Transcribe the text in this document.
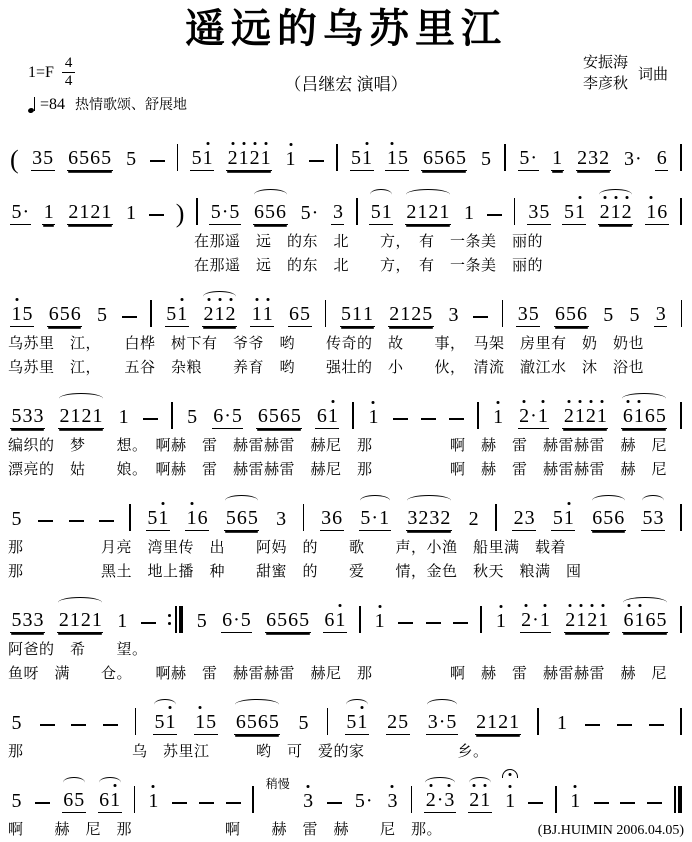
遥远的乌苏里江
$1=F \frac{4}{4}$
=84 热情歌颂、舒展地
（吕继宏 演唱）
安振海
李彦秋
词曲
( 3 5 6 5 6 5 5	5 1 2 1 2 1 1	5 1 1 5 6 5 6 5 5 5 · 1 2 3 2 3 · 6
5 · 1 2 1 2 1 1 ) 5 · 5 6 5 6 5 · 3 5 1 2 1 2 1 1	3 5 5 1 2 1 2 1 6
　　　　　　　　　　　　在那遥　远　的东　北　　方，　有　一条美　丽的
　　　　　　　　　　　　在那遥　远　的东　北　　方，　有　一条美　丽的
1 5 6 5 6 5	5 1 2 1 2 1 1 6 5 5 1 1 2 1 2 5 3	3 5 6 5 6 5 5 3
乌苏里　江，　　白桦　树下有　爷爷　哟　　传奇的　故　　事，　马架　房里有　奶　奶也
乌苏里　江，　　五谷　杂粮　　养育　哟　　强壮的　小　　伙，　清流　澈江水　沐　浴也
5 3 3 2 1 2 1 1	5 6 · 5 6 5 6 5 6 1 1	1 2 · 1 2 1 2 1 6 1 6 5
编织的　梦　　想。　啊赫　雷　赫雷赫雷　赫尼　那　　　　　啊　赫　雷　赫雷赫雷　赫　尼
漂亮的　姑　　娘。　啊赫　雷　赫雷赫雷　赫尼　那　　　　　啊　赫　雷　赫雷赫雷　赫　尼
5	5 1 1 6 5 6 5 3 3 6 5 · 1 3 2 3 2 2 2 3 5 1 6 5 6 5 3
那　　　　　月亮　湾里传　出　　阿妈　的　　歌　　声，小渔　船里满　载着
那　　　　　黑土　地上播　种　　甜蜜　的　　爱　　情，金色　秋天　粮满　囤
5 3 3 2 1 2 1 1	5 6 · 5 6 5 6 5 6 1 1	1 2 · 1 2 1 2 1 6 1 6 5
阿爸的　希　　望。
鱼呀　满　　仓。　　啊赫　雷　赫雷赫雷　赫尼　那　　　　　啊　赫　雷　赫雷赫雷　赫　尼
5	5 1 1 5 6 5 6 5 5 5 1 2 5 3 · 5 2 1 2 1 1
那　　　　　　　乌　苏里江　　　哟　可　爱的家　　　　　　乡。
5 6 5 6 1 1
稍慢
3 5 · 3 2 · 3 2 1 1	1
啊　　赫　尼　那　　　　　　啊　　赫　雷　赫　　尼　那。	(BJ.HUIMIN 2006.04.05)
